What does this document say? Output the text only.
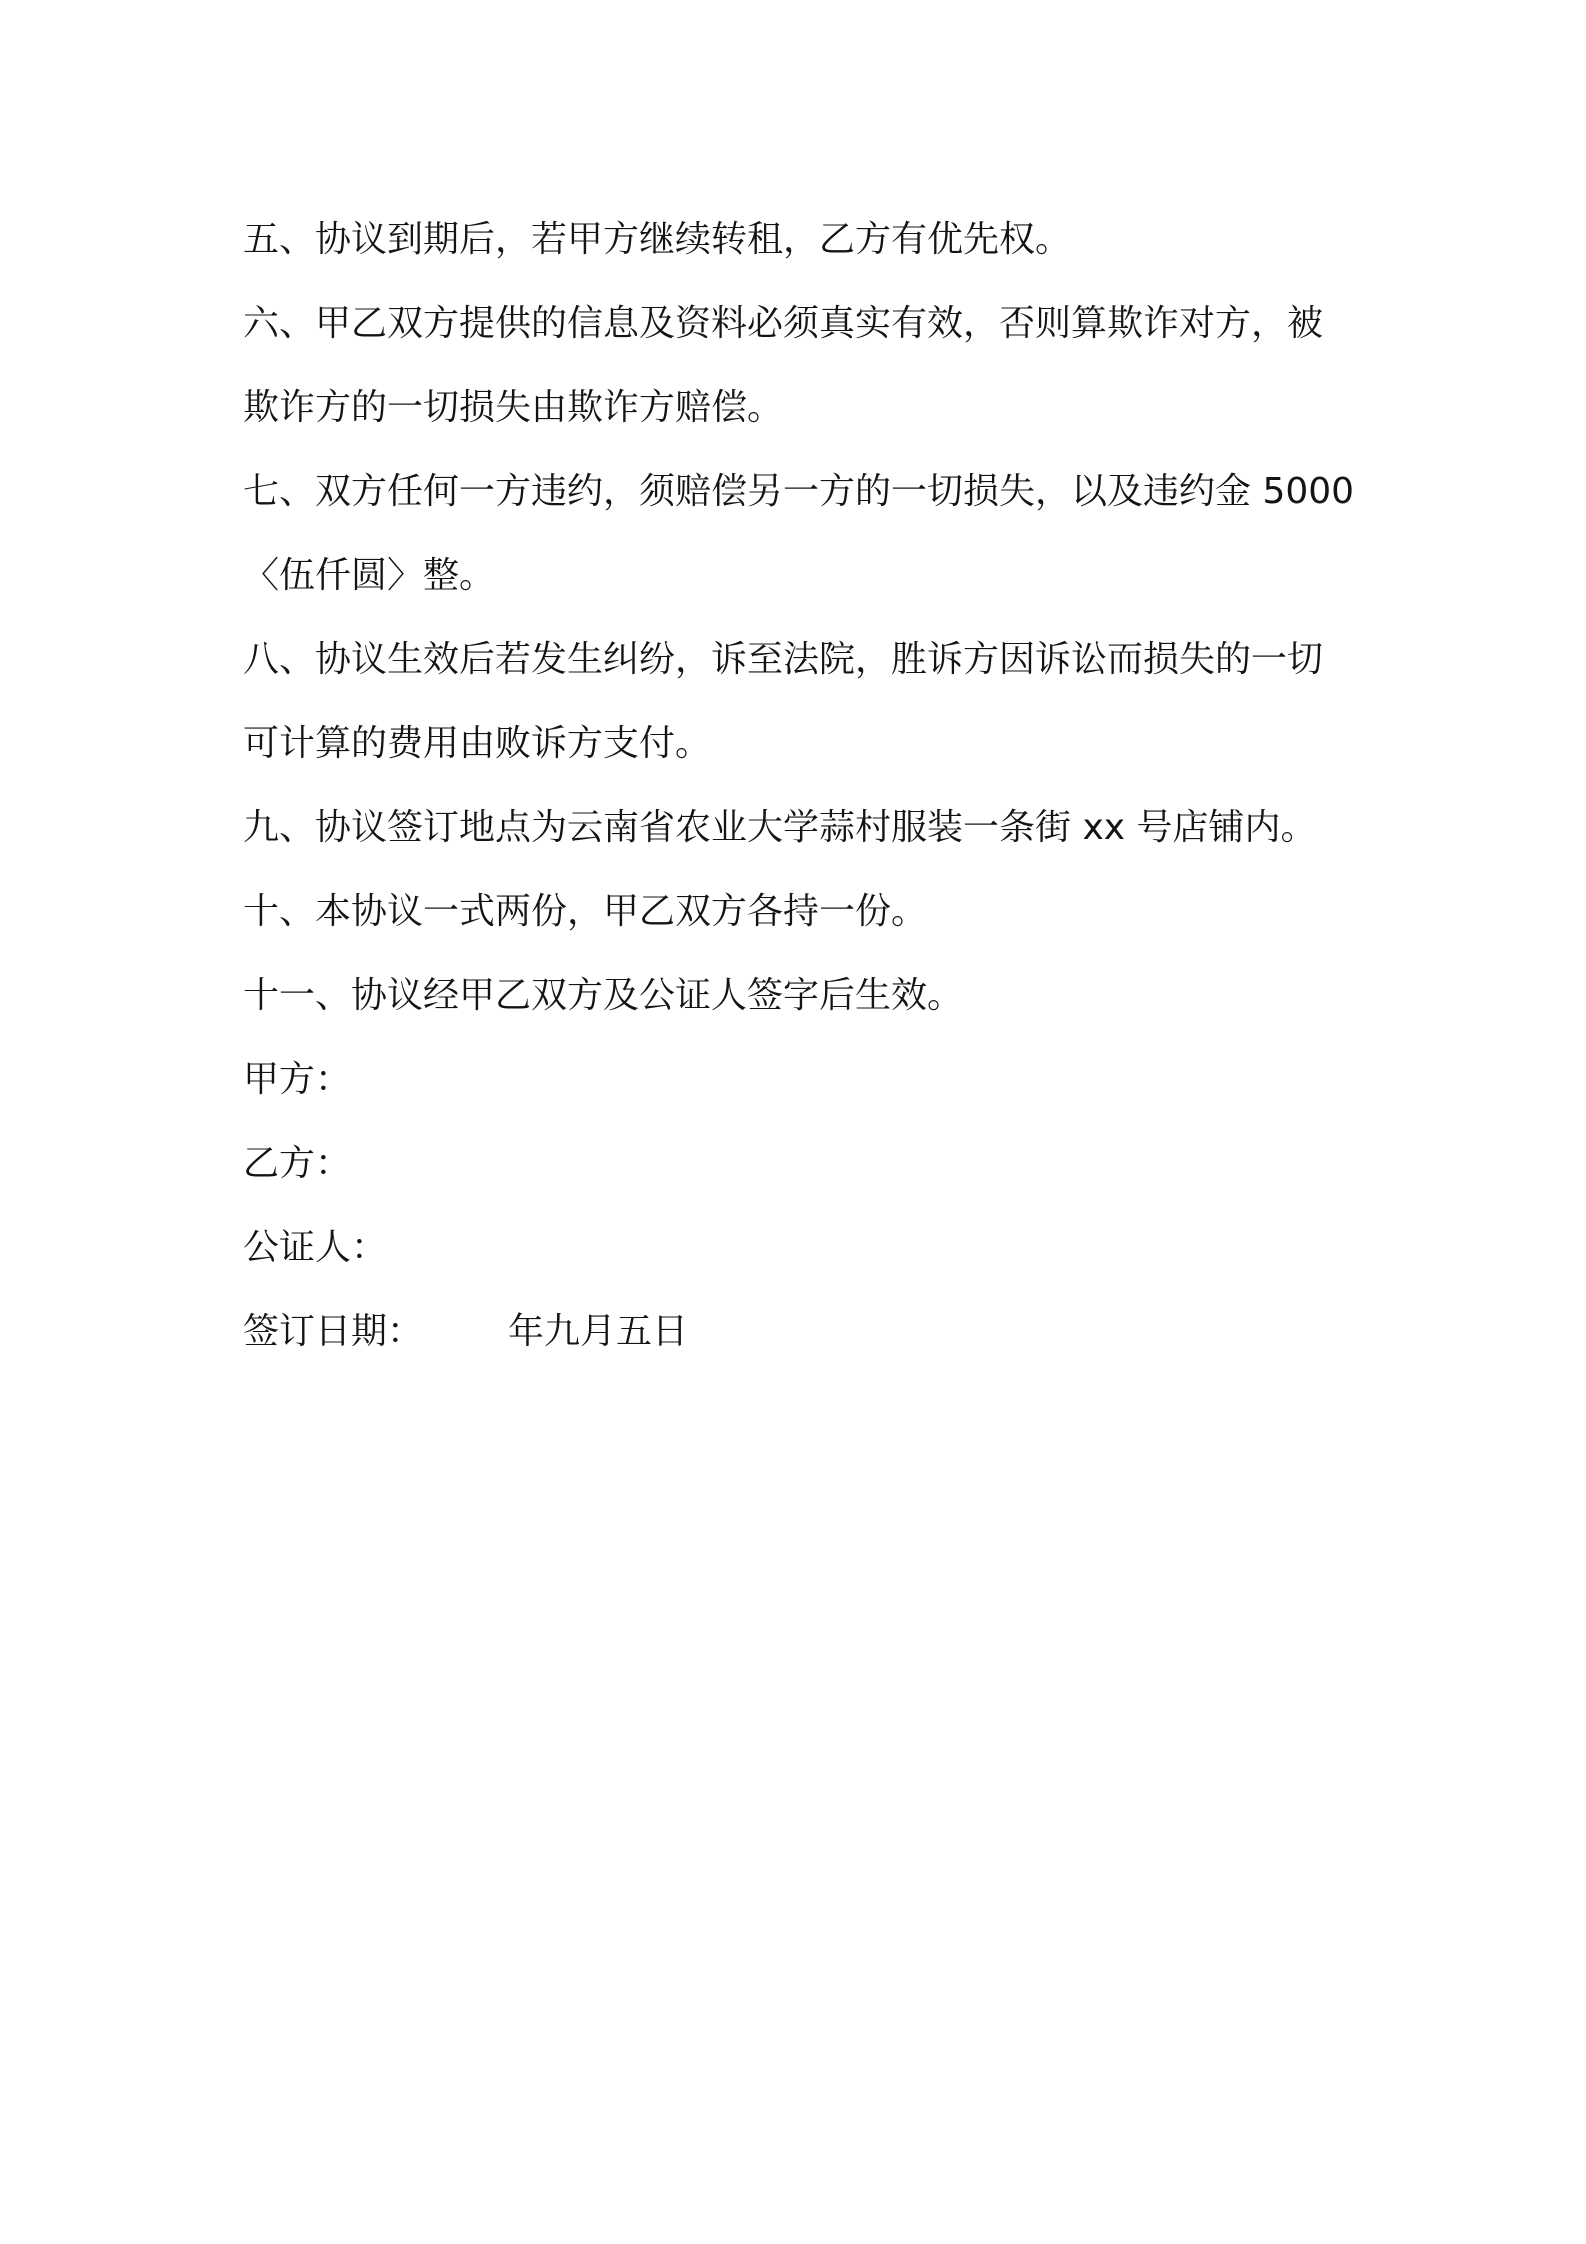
五、协议到期后，若甲方继续转租，乙方有优先权。
六、甲乙双方提供的信息及资料必须真实有效，否则算欺诈对方，被
欺诈方的一切损失由欺诈方赔偿。
七、双方任何一方违约，须赔偿另一方的一切损失，以及违约金 5000
〈伍仟圆〉整。
八、协议生效后若发生纠纷，诉至法院，胜诉方因诉讼而损失的一切
可计算的费用由败诉方支付。
九、协议签订地点为云南省农业大学蒜村服装一条街 xx 号店铺内。
十、本协议一式两份，甲乙双方各持一份。
十一、协议经甲乙双方及公证人签字后生效。
甲方：
乙方：
公证人：
签订日期： 年九月五日
